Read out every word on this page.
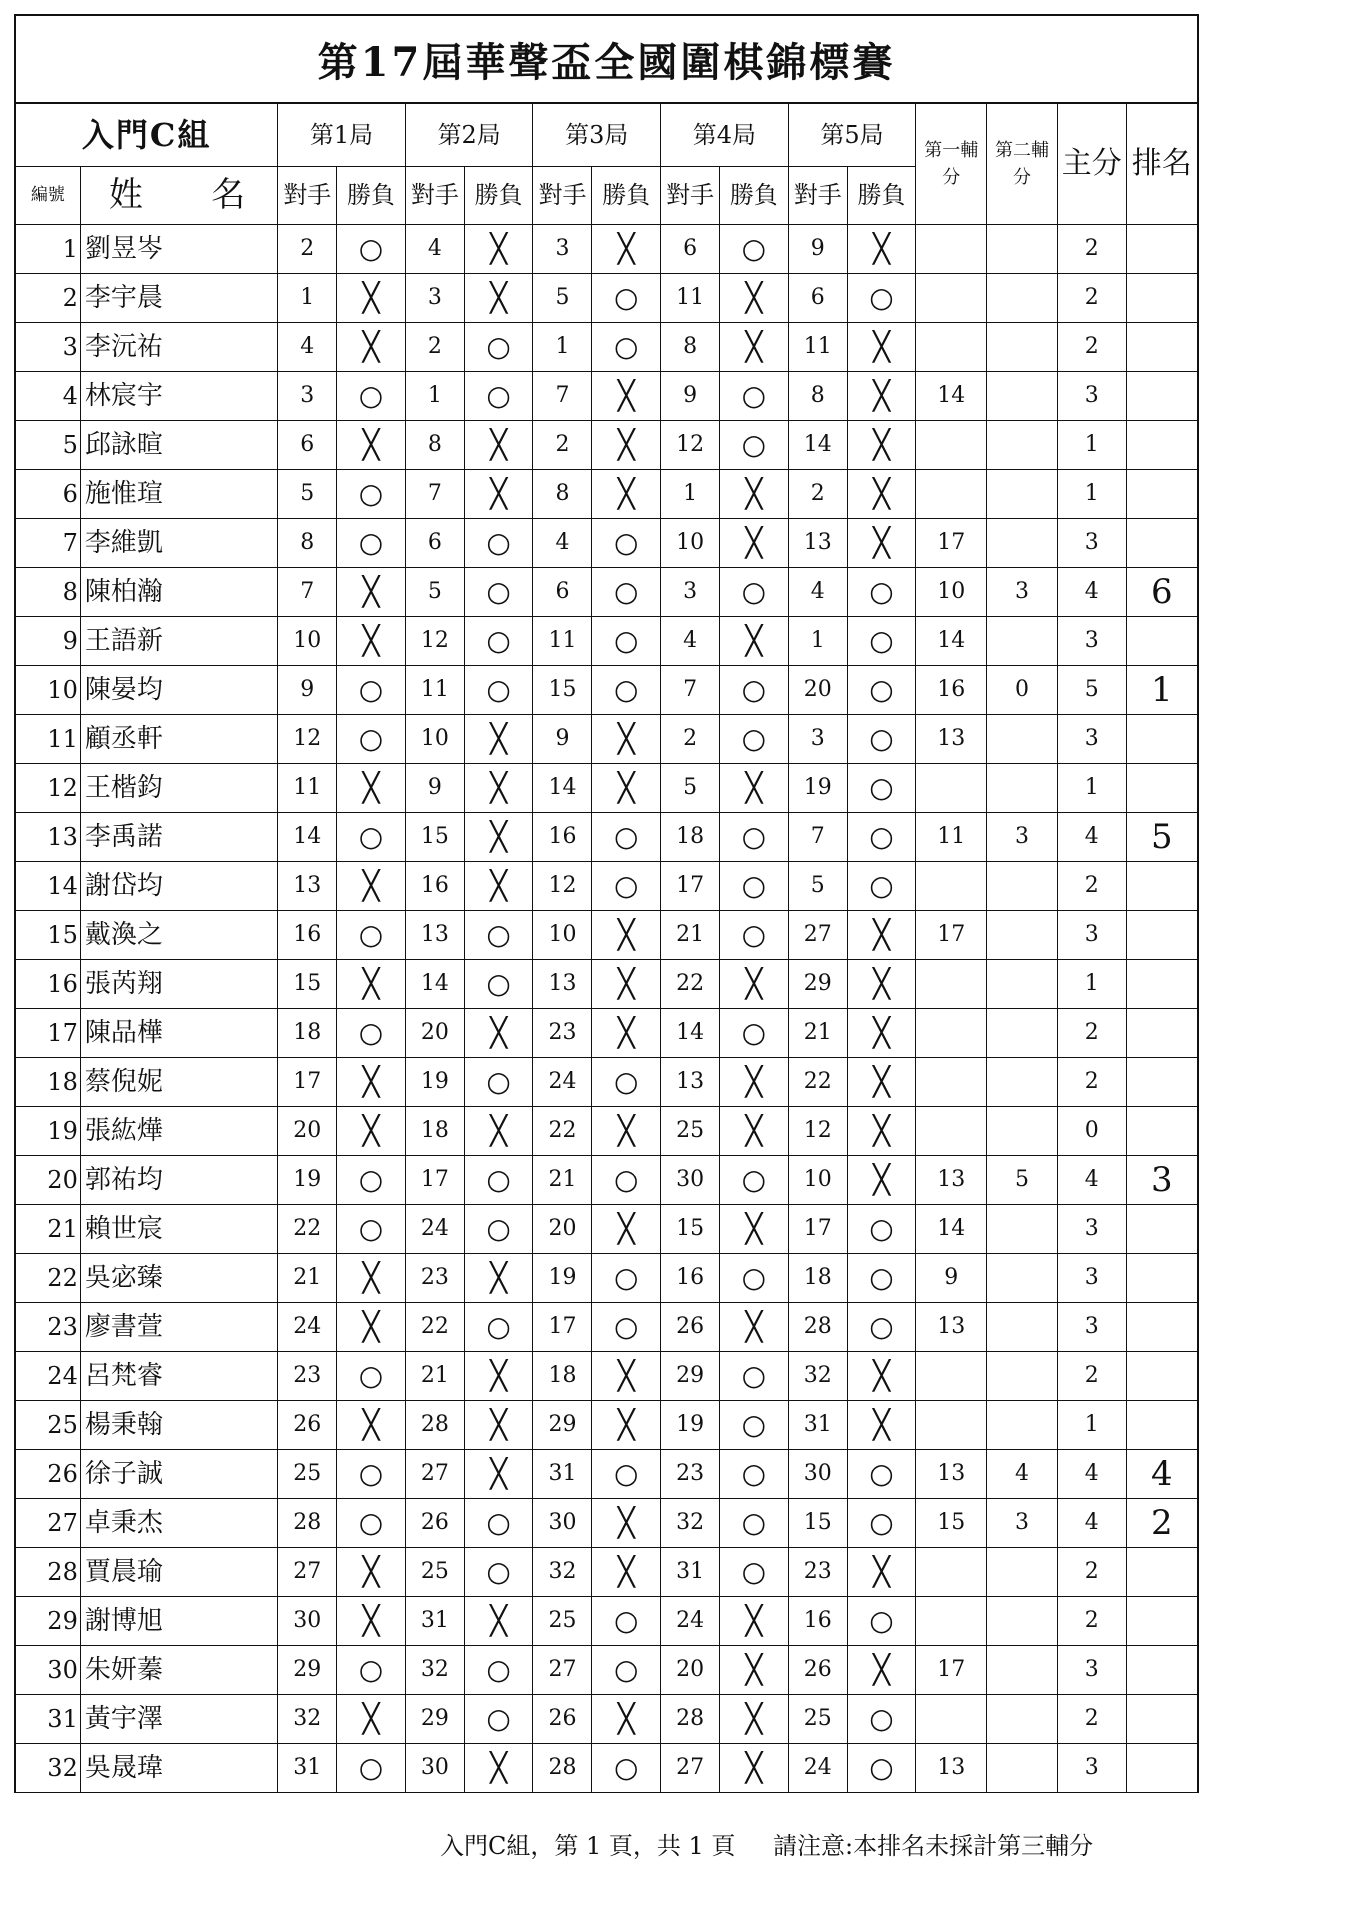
第17屆華聲盃全國圍棋錦標賽
入門C組		第1局		第2局		第3局		第4局		第5局		第一輔分	第二輔分	主分	排名
編號	姓 名	對手	勝負	對手	勝負	對手	勝負	對手	勝負	對手	勝負				
1	劉昱岑	2	○	4	╳	3	╳	6	○	9	╳			2	
2	李宇晨	1	╳	3	╳	5	○	11	╳	6	○			2	
3	李沅祐	4	╳	2	○	1	○	8	╳	11	╳			2	
4	林宸宇	3	○	1	○	7	╳	9	○	8	╳	14		3	
5	邱詠暄	6	╳	8	╳	2	╳	12	○	14	╳			1	
6	施惟瑄	5	○	7	╳	8	╳	1	╳	2	╳			1	
7	李維凱	8	○	6	○	4	○	10	╳	13	╳	17		3	
8	陳柏瀚	7	╳	5	○	6	○	3	○	4	○	10	3	4	6
9	王語新	10	╳	12	○	11	○	4	╳	1	○	14		3	
10	陳晏均	9	○	11	○	15	○	7	○	20	○	16	0	5	1
11	顧丞軒	12	○	10	╳	9	╳	2	○	3	○	13		3	
12	王楷鈞	11	╳	9	╳	14	╳	5	╳	19	○			1	
13	李禹諾	14	○	15	╳	16	○	18	○	7	○	11	3	4	5
14	謝岱均	13	╳	16	╳	12	○	17	○	5	○			2	
15	戴渙之	16	○	13	○	10	╳	21	○	27	╳	17		3	
16	張芮翔	15	╳	14	○	13	╳	22	╳	29	╳			1	
17	陳品樺	18	○	20	╳	23	╳	14	○	21	╳			2	
18	蔡倪妮	17	╳	19	○	24	○	13	╳	22	╳			2	
19	張紘燁	20	╳	18	╳	22	╳	25	╳	12	╳			0	
20	郭祐均	19	○	17	○	21	○	30	○	10	╳	13	5	4	3
21	賴世宸	22	○	24	○	20	╳	15	╳	17	○	14		3	
22	吳宓臻	21	╳	23	╳	19	○	16	○	18	○	9		3	
23	廖書萱	24	╳	22	○	17	○	26	╳	28	○	13		3	
24	呂梵睿	23	○	21	╳	18	╳	29	○	32	╳			2	
25	楊秉翰	26	╳	28	╳	29	╳	19	○	31	╳			1	
26	徐子誠	25	○	27	╳	31	○	23	○	30	○	13	4	4	4
27	卓秉杰	28	○	26	○	30	╳	32	○	15	○	15	3	4	2
28	賈晨瑜	27	╳	25	○	32	╳	31	○	23	╳			2	
29	謝博旭	30	╳	31	╳	25	○	24	╳	16	○			2	
30	朱妍蓁	29	○	32	○	27	○	20	╳	26	╳	17		3	
31	黃宇澤	32	╳	29	○	26	╳	28	╳	25	○			2	
32	吳晟瑋	31	○	30	╳	28	○	27	╳	24	○	13		3	
入門C組，第 1 頁，共 1 頁 請注意:本排名未採計第三輔分
